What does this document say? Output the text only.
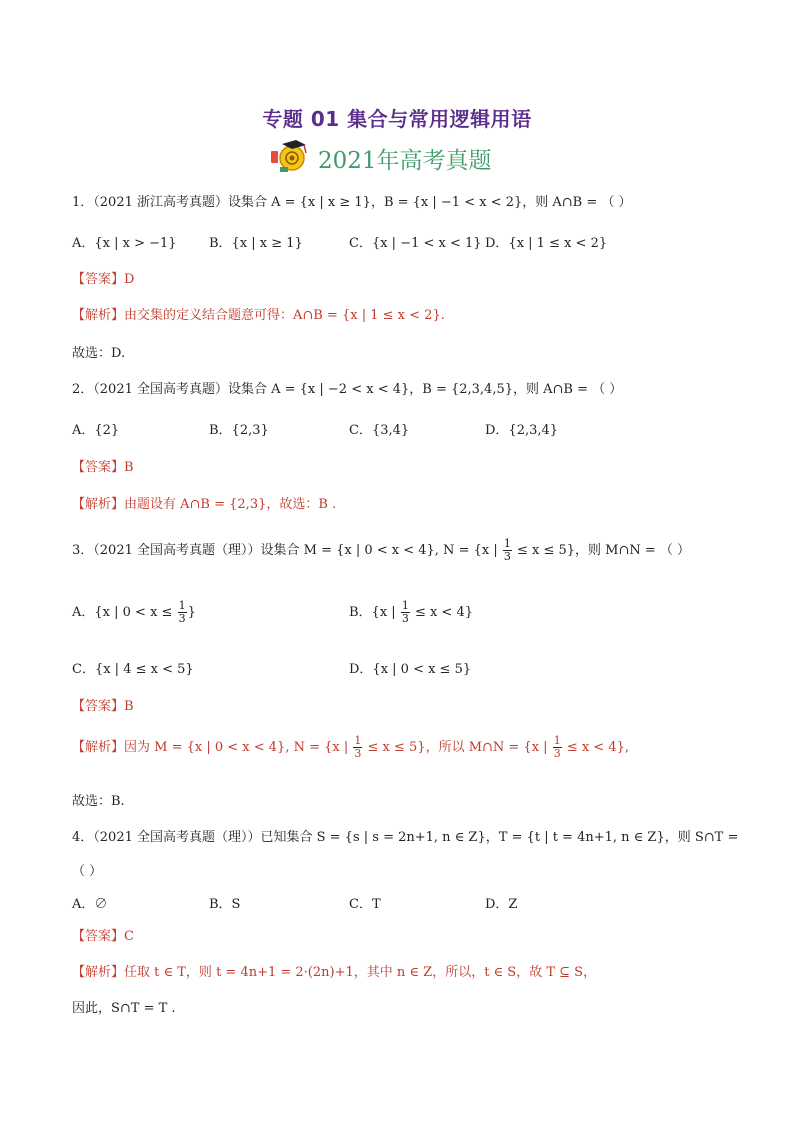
专题 01 集合与常用逻辑用语
2021年高考真题
1．（2021 浙江高考真题）设集合 A = {x | x ≥ 1}，B = {x | −1 < x < 2}，则 A∩B = （ ）
A．{x | x > −1} B．{x | x ≥ 1}	C．{x | −1 < x < 1} D．{x | 1 ≤ x < 2}
【答案】D
【解析】由交集的定义结合题意可得：A∩B = {x | 1 ≤ x < 2}.
故选：D.
2．（2021 全国高考真题）设集合 A = {x | −2 < x < 4}，B = {2,3,4,5}，则 A∩B = （ ）
A．{2}	B．{2,3}	C．{3,4}	D．{2,3,4}
【答案】B
【解析】由题设有 A∩B = {2,3}，故选：B .
3．（2021 全国高考真题（理））设集合 M = {x | 0 < x < 4}, N = {x | $\frac{1}{3} \le x \le 5$}，则 M∩N = （ ）
A．{x | $0 < x \le \frac{1}{3}$ }	B．{x | $\frac{1}{3} \le x < 4$}
C．{x | 4 ≤ x < 5}	D．{x | 0 < x ≤ 5}
【答案】B
【解析】因为 M = {x | 0 < x < 4}, N = {x | $\frac{1}{3} \le x \le 5$}，所以 M∩N = {x | $\frac{1}{3} \le x < 4$},
故选：B.
4．（2021 全国高考真题（理））已知集合 S = {s | s = 2n+1, n ∈ Z}，T = {t | t = 4n+1, n ∈ Z}，则 S∩T =
（ ）
A．∅	B．S	C．T	D．Z
【答案】C
【解析】任取 t ∈ T，则 t = 4n+1 = 2·(2n)+1，其中 n ∈ Z，所以，t ∈ S，故 T ⊆ S，
因此，S∩T = T .
